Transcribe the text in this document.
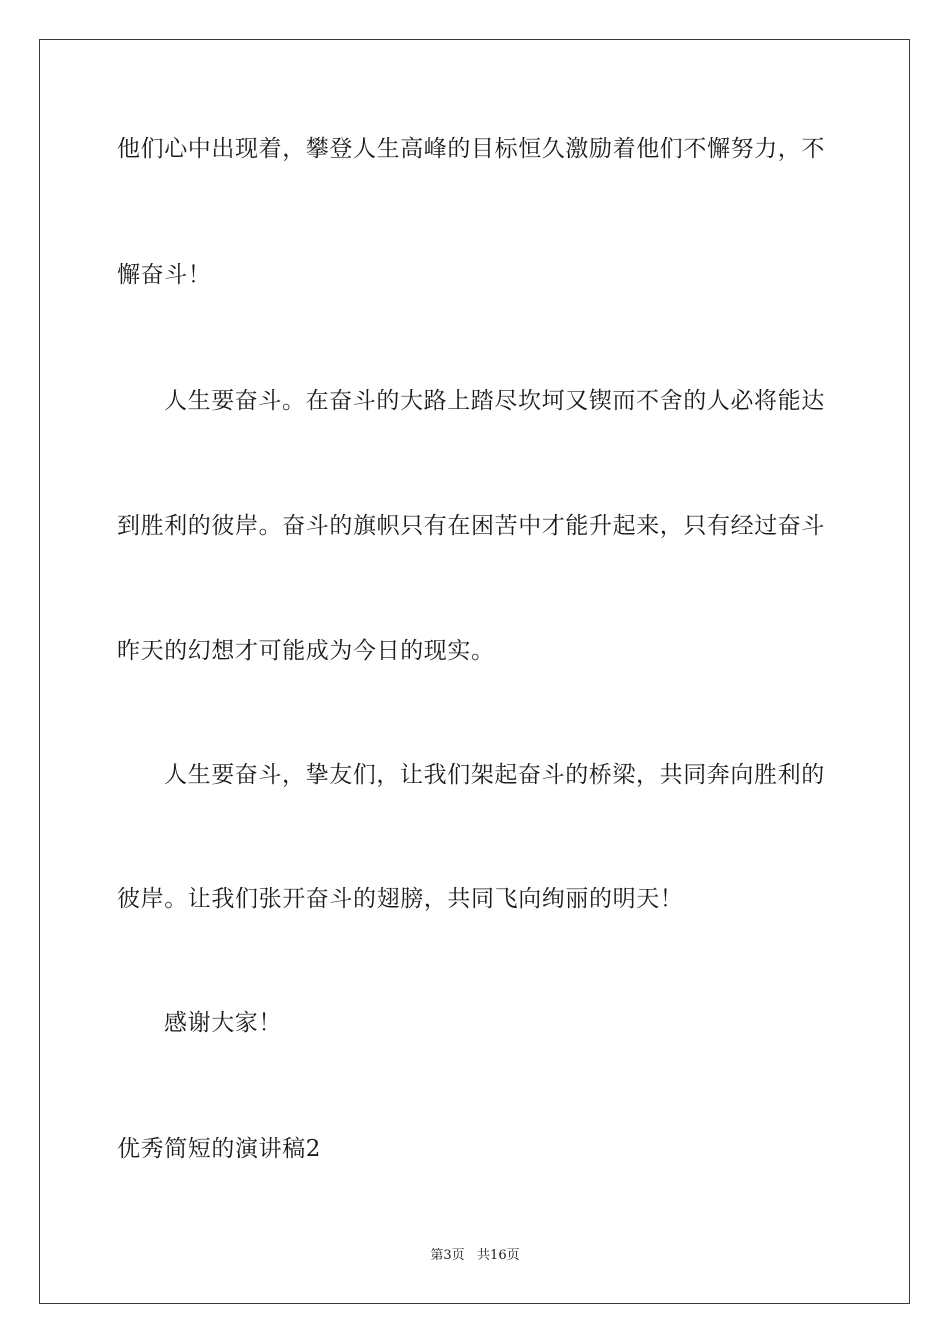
他们心中出现着，攀登人生高峰的目标恒久激励着他们不懈努力，不
懈奋斗！
人生要奋斗。在奋斗的大路上踏尽坎坷又锲而不舍的人必将能达
到胜利的彼岸。奋斗的旗帜只有在困苦中才能升起来，只有经过奋斗
昨天的幻想才可能成为今日的现实。
人生要奋斗，挚友们，让我们架起奋斗的桥梁，共同奔向胜利的
彼岸。让我们张开奋斗的翅膀，共同飞向绚丽的明天！
感谢大家！
优秀简短的演讲稿2
第3页   共16页
